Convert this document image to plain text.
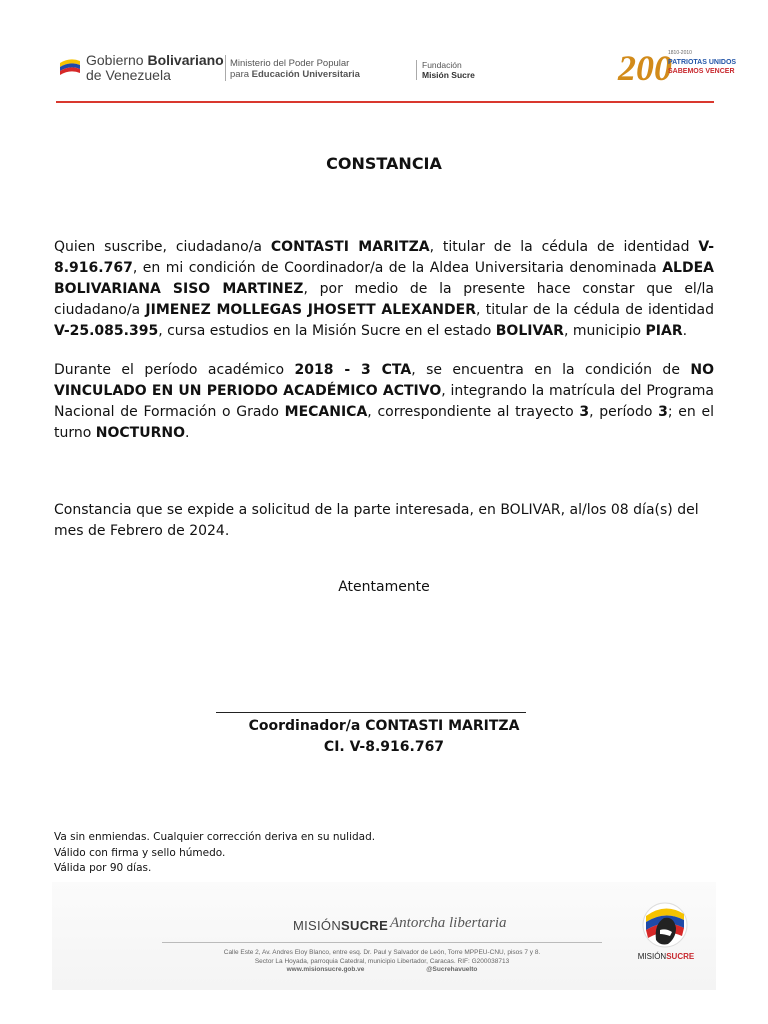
Gobierno Bolivariano
de Venezuela
Ministerio del Poder Popular
para Educación Universitaria
Fundación
Misión Sucre	200
1810-2010
PATRIOTAS UNIDOS
SABEMOS VENCER
CONSTANCIA
Quien suscribe, ciudadano/a CONTASTI MARITZA, titular de la cédula de identidad V-8.916.767, en mi condición de Coordinador/a de la Aldea Universitaria denominada ALDEA BOLIVARIANA SISO MARTINEZ, por medio de la presente hace constar que el/la ciudadano/a JIMENEZ MOLLEGAS JHOSETT ALEXANDER, titular de la cédula de identidad V-25.085.395, cursa estudios en la Misión Sucre en el estado BOLIVAR, municipio PIAR.
Durante el período académico 2018 - 3 CTA, se encuentra en la condición de NO VINCULADO EN UN PERIODO ACADÉMICO ACTIVO, integrando la matrícula del Programa Nacional de Formación o Grado MECANICA, correspondiente al trayecto 3, período 3; en el turno NOCTURNO.
Constancia que se expide a solicitud de la parte interesada, en BOLIVAR, al/los 08 día(s) del mes de Febrero de 2024.
Atentamente
Coordinador/a CONTASTI MARITZA
CI. V-8.916.767
Va sin enmiendas. Cualquier corrección deriva en su nulidad.
Válido con firma y sello húmedo.
Válida por 90 días.
MISIÓNSUCRE Antorcha libertaria
Calle Este 2, Av. Andres Eloy Blanco, entre esq. Dr. Paul y Salvador de León, Torre MPPEU-CNU, pisos 7 y 8.
Sector La Hoyada, parroquia Catedral, municipio Libertador, Caracas. RIF: G200038713
www.misionsucre.gob.ve	@Sucrehavuelto
MISIÓNSUCRE
